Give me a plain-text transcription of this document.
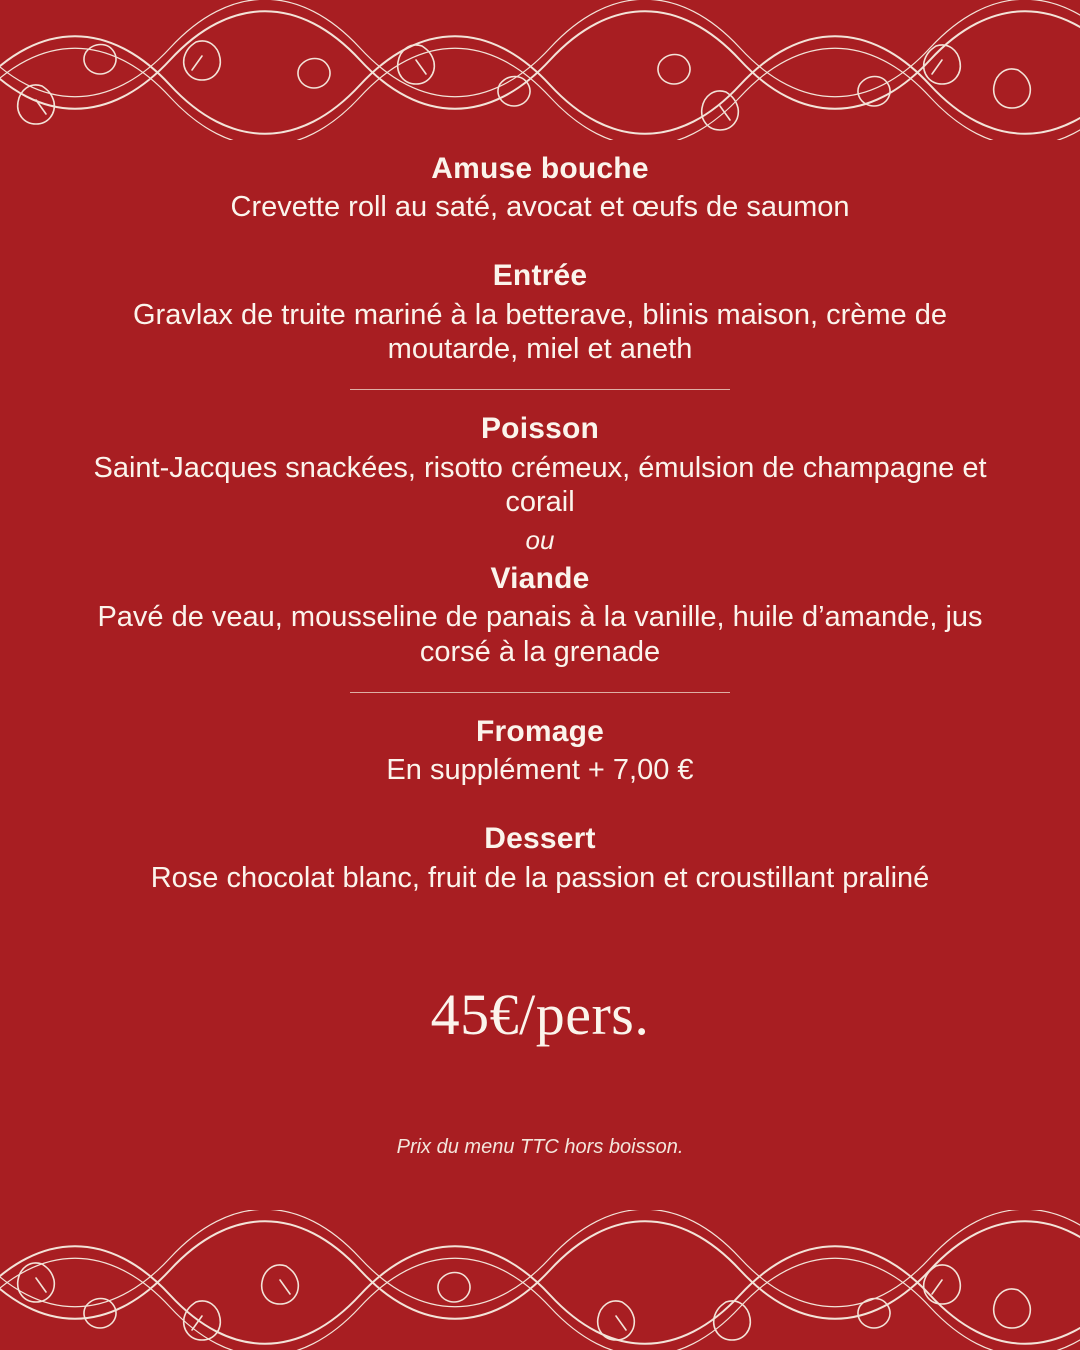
Amuse bouche

Crevette roll au saté, avocat et œufs de saumon

Entrée

Gravlax de truite mariné à la betterave, blinis maison, crème de moutarde, miel et aneth

Poisson

Saint-Jacques snackées, risotto crémeux, émulsion de champagne et corail

ou

Viande

Pavé de veau, mousseline de panais à la vanille, huile d’amande, jus corsé à la grenade

Fromage

En supplément + 7,00 €

Dessert

Rose chocolat blanc, fruit de la passion et croustillant praliné

45€/pers.

Prix du menu TTC hors boisson.
